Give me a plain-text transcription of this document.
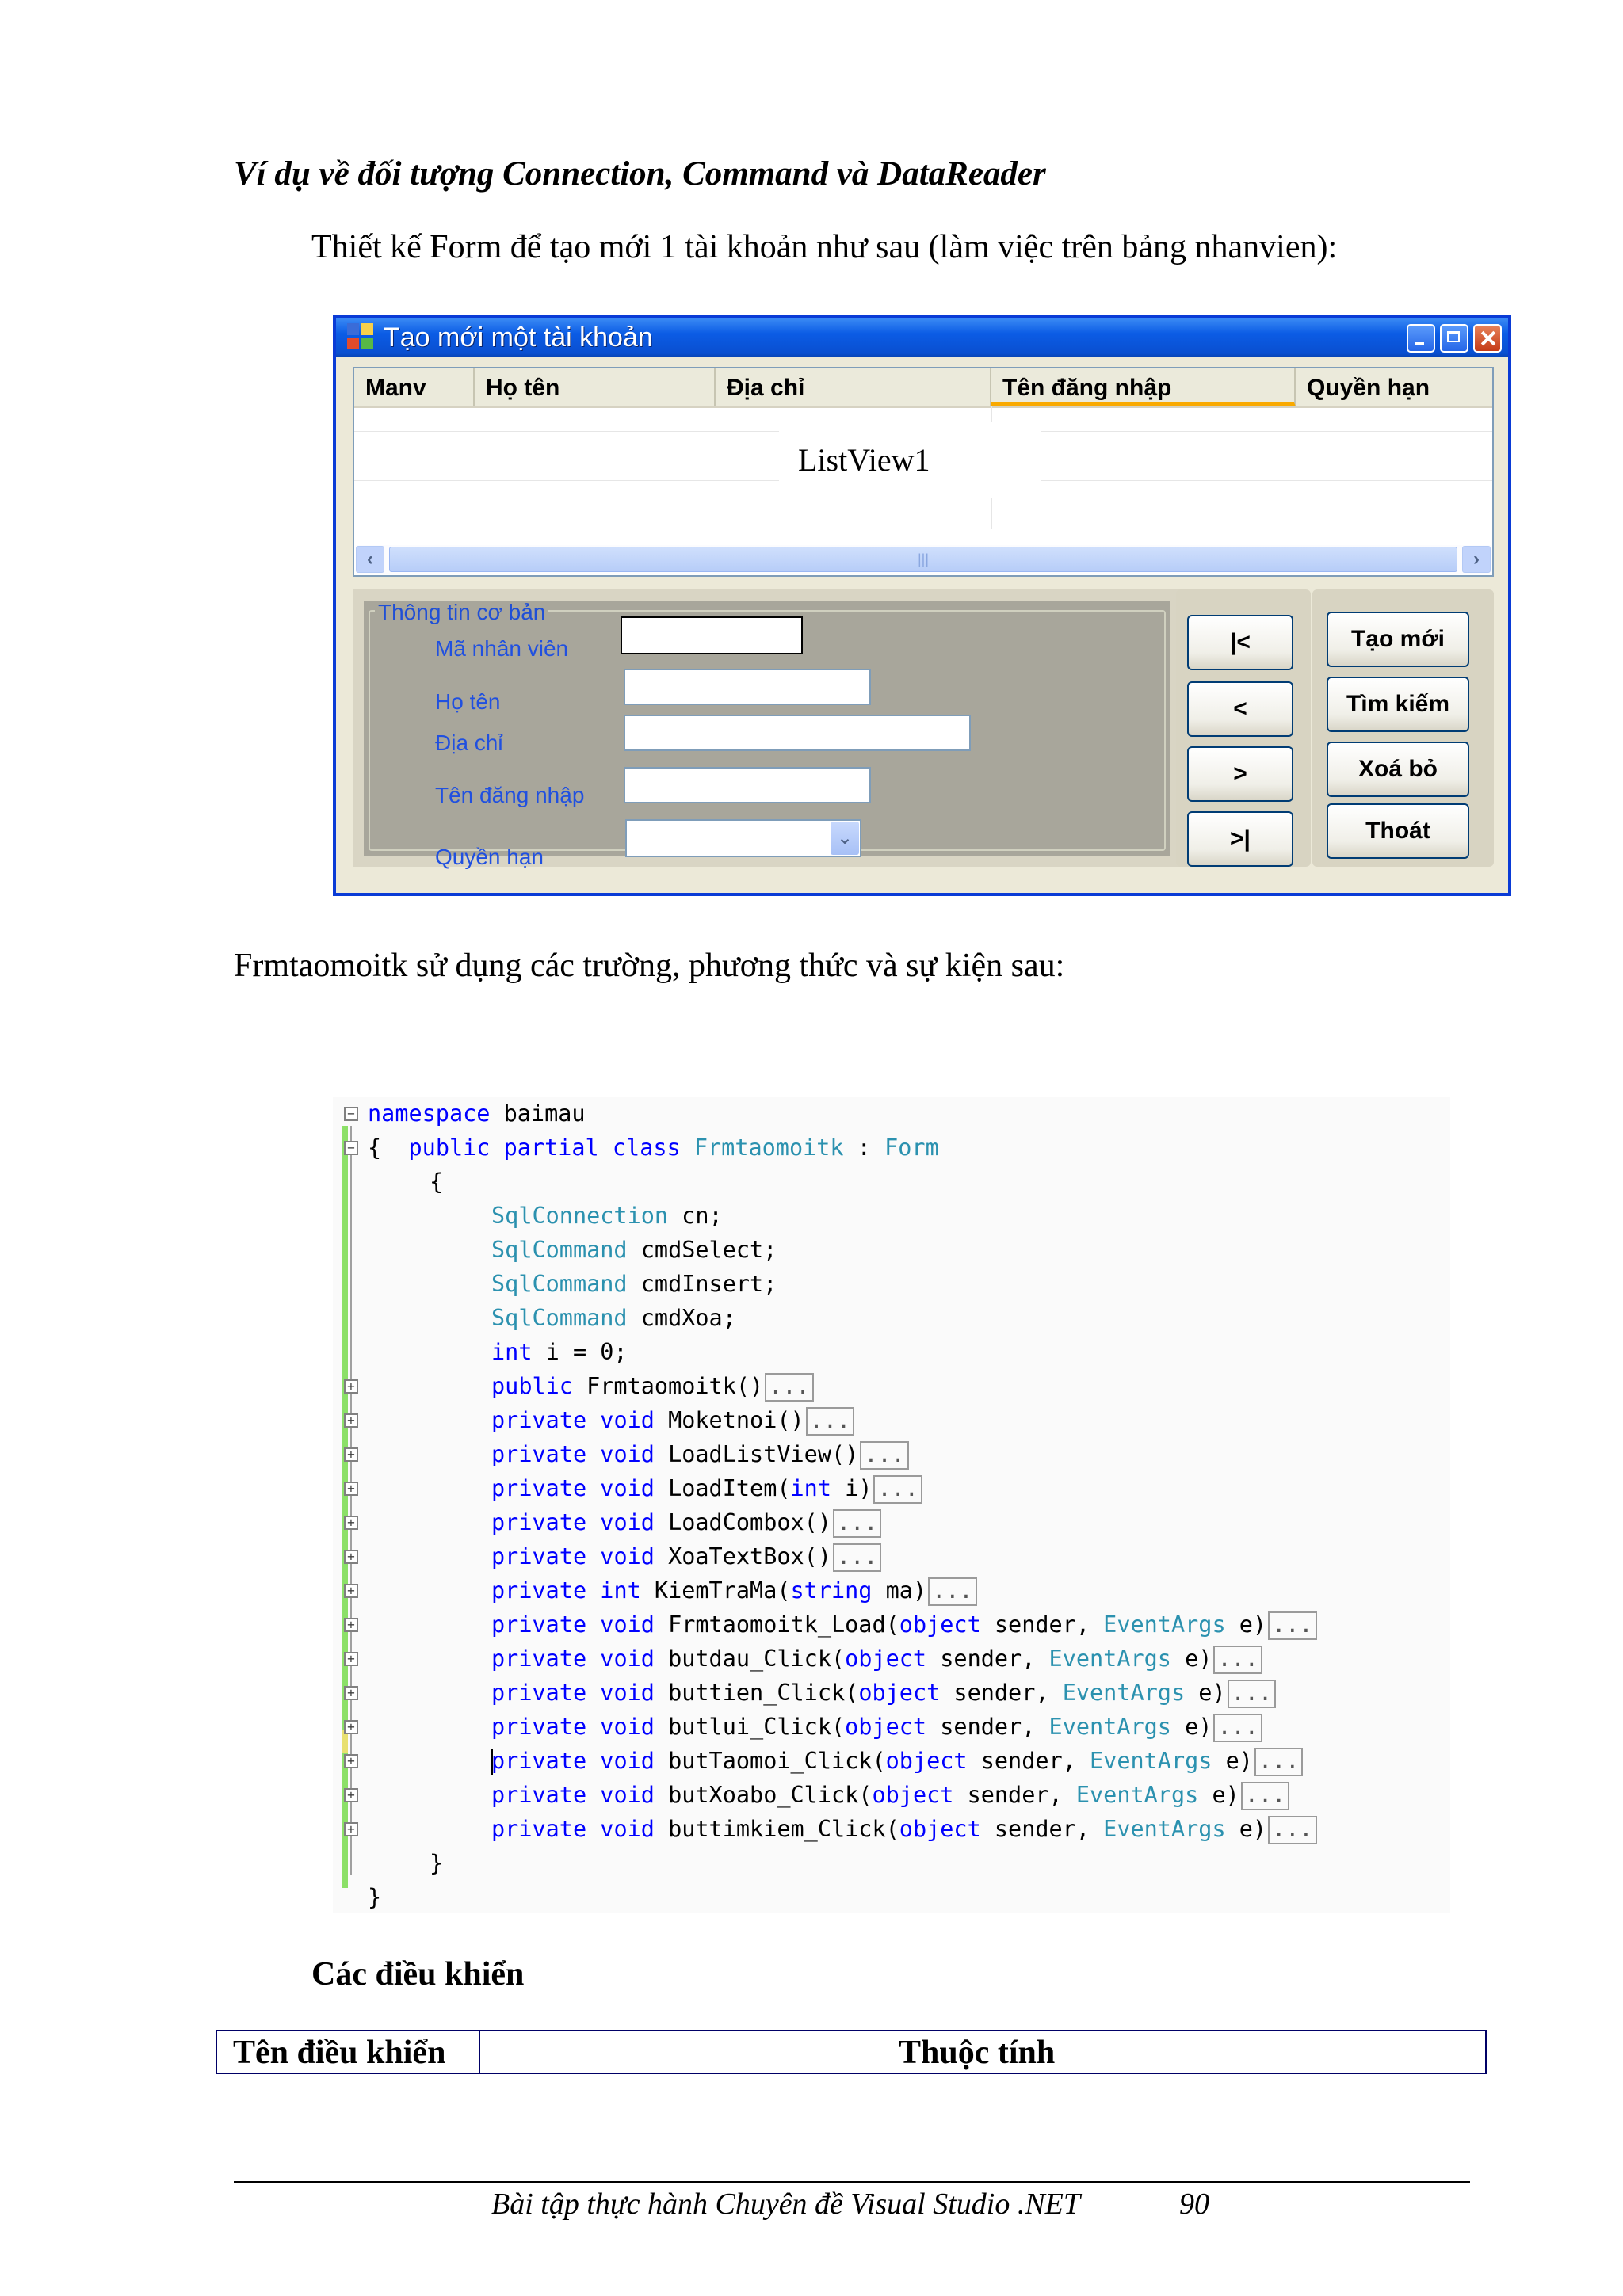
Ví dụ về đối tượng Connection, Command và DataReader
Thiết kế Form để tạo mới 1 tài khoản như sau (làm việc trên bảng nhanvien):
Tạo mới một tài khoản
Manv	Họ tên	Địa chỉ	Tên đăng nhập	Quyền hạn
ListView1
‹	|||	›
Thông tin cơ bản
Mã nhân viên
Họ tên
Địa chỉ
Tên đăng nhập
Quyền hạn
⌄
|<
<
>
>|
Tạo mới
Tìm kiếm
Xoá bỏ
Thoát
Frmtaomoitk sử dụng các trường, phương thức và sự kiện sau:

−

−

namespace baimau

{ public partial class Frmtaomoitk : Form

{

SqlConnection cn;
SqlCommand cmdSelect;
SqlCommand cmdInsert;
SqlCommand cmdXoa;
int i = 0;
public Frmtaomoitk() ...
+
private void Moketnoi() ...
+
private void LoadListView() ...
+
private void LoadItem(int i) ...
+
private void LoadCombox() ...
+
private void XoaTextBox() ...
+
private int KiemTraMa(string ma) ...
+
private void Frmtaomoitk_Load(object sender, EventArgs e) ...
+
private void butdau_Click(object sender, EventArgs e) ...
+
private void buttien_Click(object sender, EventArgs e) ...
+
private void butlui_Click(object sender, EventArgs e) ...
+
private void butTaomoi_Click(object sender, EventArgs e) ...
+
private void butXoabo_Click(object sender, EventArgs e) ...
+
private void buttimkiem_Click(object sender, EventArgs e) ...
+

}

}

Các điều khiển
Tên điều khiển	Thuộc tính
Bài tập thực hành Chuyên đề Visual Studio .NET	90
